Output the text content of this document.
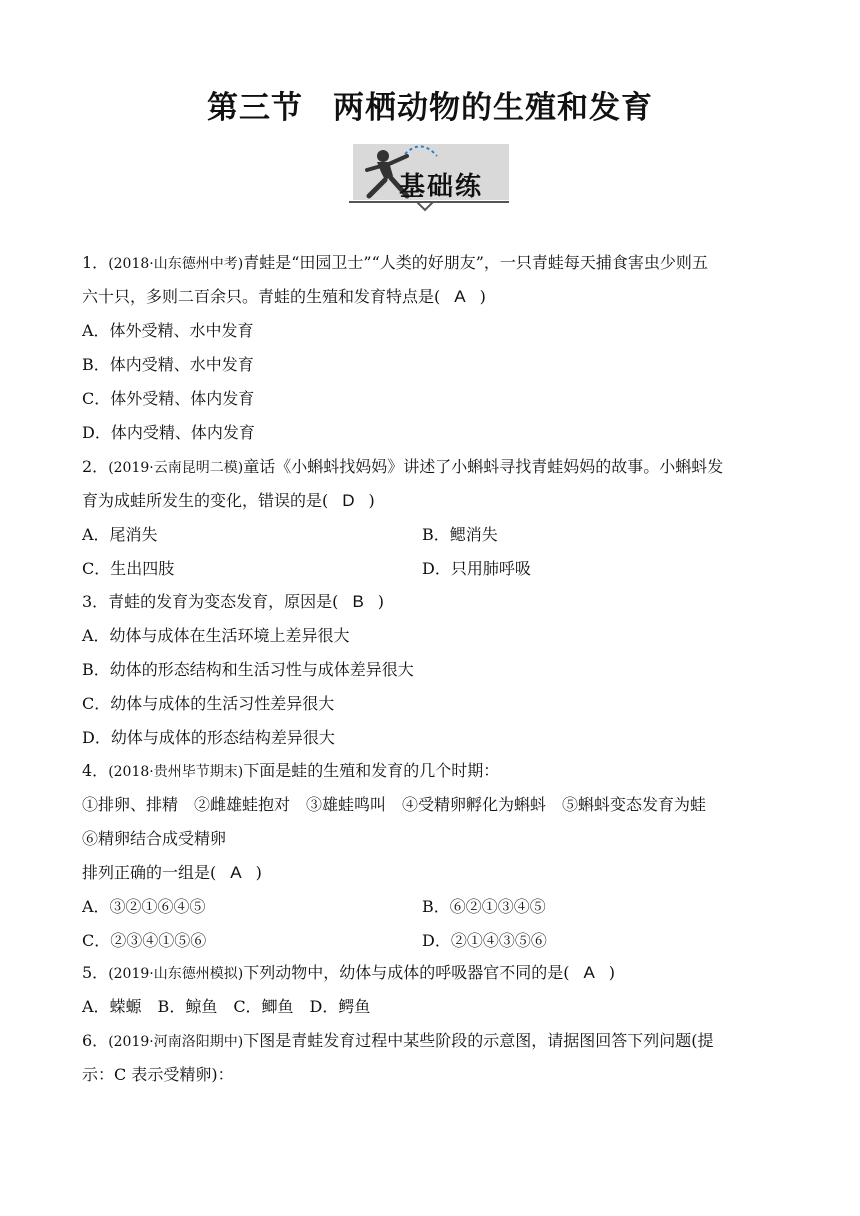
第三节 两栖动物的生殖和发育
基础练
1．(2018·山东德州中考)青蛙是“田园卫士”“人类的好朋友”，一只青蛙每天捕食害虫少则五
六十只，多则二百余只。青蛙的生殖和发育特点是( A )
A．体外受精、水中发育
B．体内受精、水中发育
C．体外受精、体内发育
D．体内受精、体内发育
2．(2019·云南昆明二模)童话《小蝌蚪找妈妈》讲述了小蝌蚪寻找青蛙妈妈的故事。小蝌蚪发
育为成蛙所发生的变化，错误的是( D )
A．尾消失	B．鳃消失
C．生出四肢	D．只用肺呼吸
3．青蛙的发育为变态发育，原因是( B )
A．幼体与成体在生活环境上差异很大
B．幼体的形态结构和生活习性与成体差异很大
C．幼体与成体的生活习性差异很大
D．幼体与成体的形态结构差异很大
4．(2018·贵州毕节期末)下面是蛙的生殖和发育的几个时期：
①排卵、排精　②雌雄蛙抱对　③雄蛙鸣叫　④受精卵孵化为蝌蚪　⑤蝌蚪变态发育为蛙
⑥精卵结合成受精卵
排列正确的一组是( A )
A．③②①⑥④⑤	B．⑥②①③④⑤
C．②③④①⑤⑥	D．②①④③⑤⑥
5．(2019·山东德州模拟)下列动物中，幼体与成体的呼吸器官不同的是( A )
A．蝾螈　B．鲸鱼　C．鲫鱼　D．鳄鱼
6．(2019·河南洛阳期中)下图是青蛙发育过程中某些阶段的示意图，请据图回答下列问题(提
示：C 表示受精卵)：
